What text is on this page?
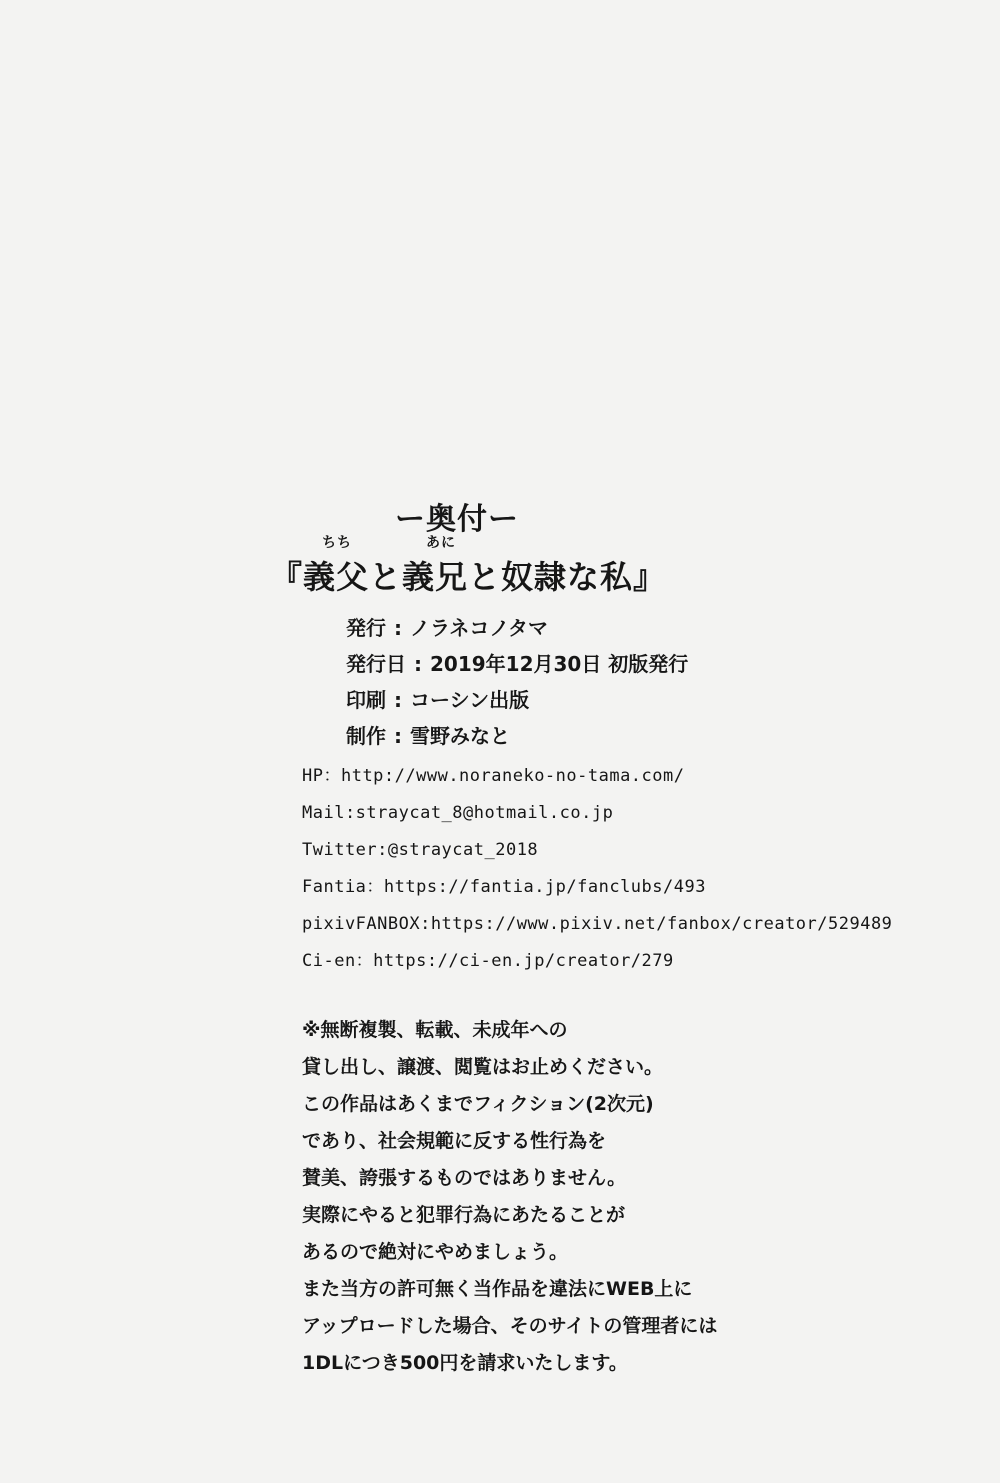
ー奥付ー
ちち	あに
『義父と義兄と奴隷な私』
発行 : ノラネコノタマ
発行日 : 2019年12月30日 初版発行
印刷 : コーシン出版
制作 : 雪野みなと
HP：http://www.noraneko-no-tama.com/
Mail:straycat_8@hotmail.co.jp
Twitter:@straycat_2018
Fantia：https://fantia.jp/fanclubs/493
pixivFANBOX:https://www.pixiv.net/fanbox/creator/529489
Ci-en：https://ci-en.jp/creator/279
※無断複製、転載、未成年への
貸し出し、譲渡、閲覧はお止めください。
この作品はあくまでフィクション(2次元)
であり、社会規範に反する性行為を
賛美、誇張するものではありません。
実際にやると犯罪行為にあたることが
あるので絶対にやめましょう。
また当方の許可無く当作品を違法にWEB上に
アップロードした場合、そのサイトの管理者には
1DLにつき500円を請求いたします。
